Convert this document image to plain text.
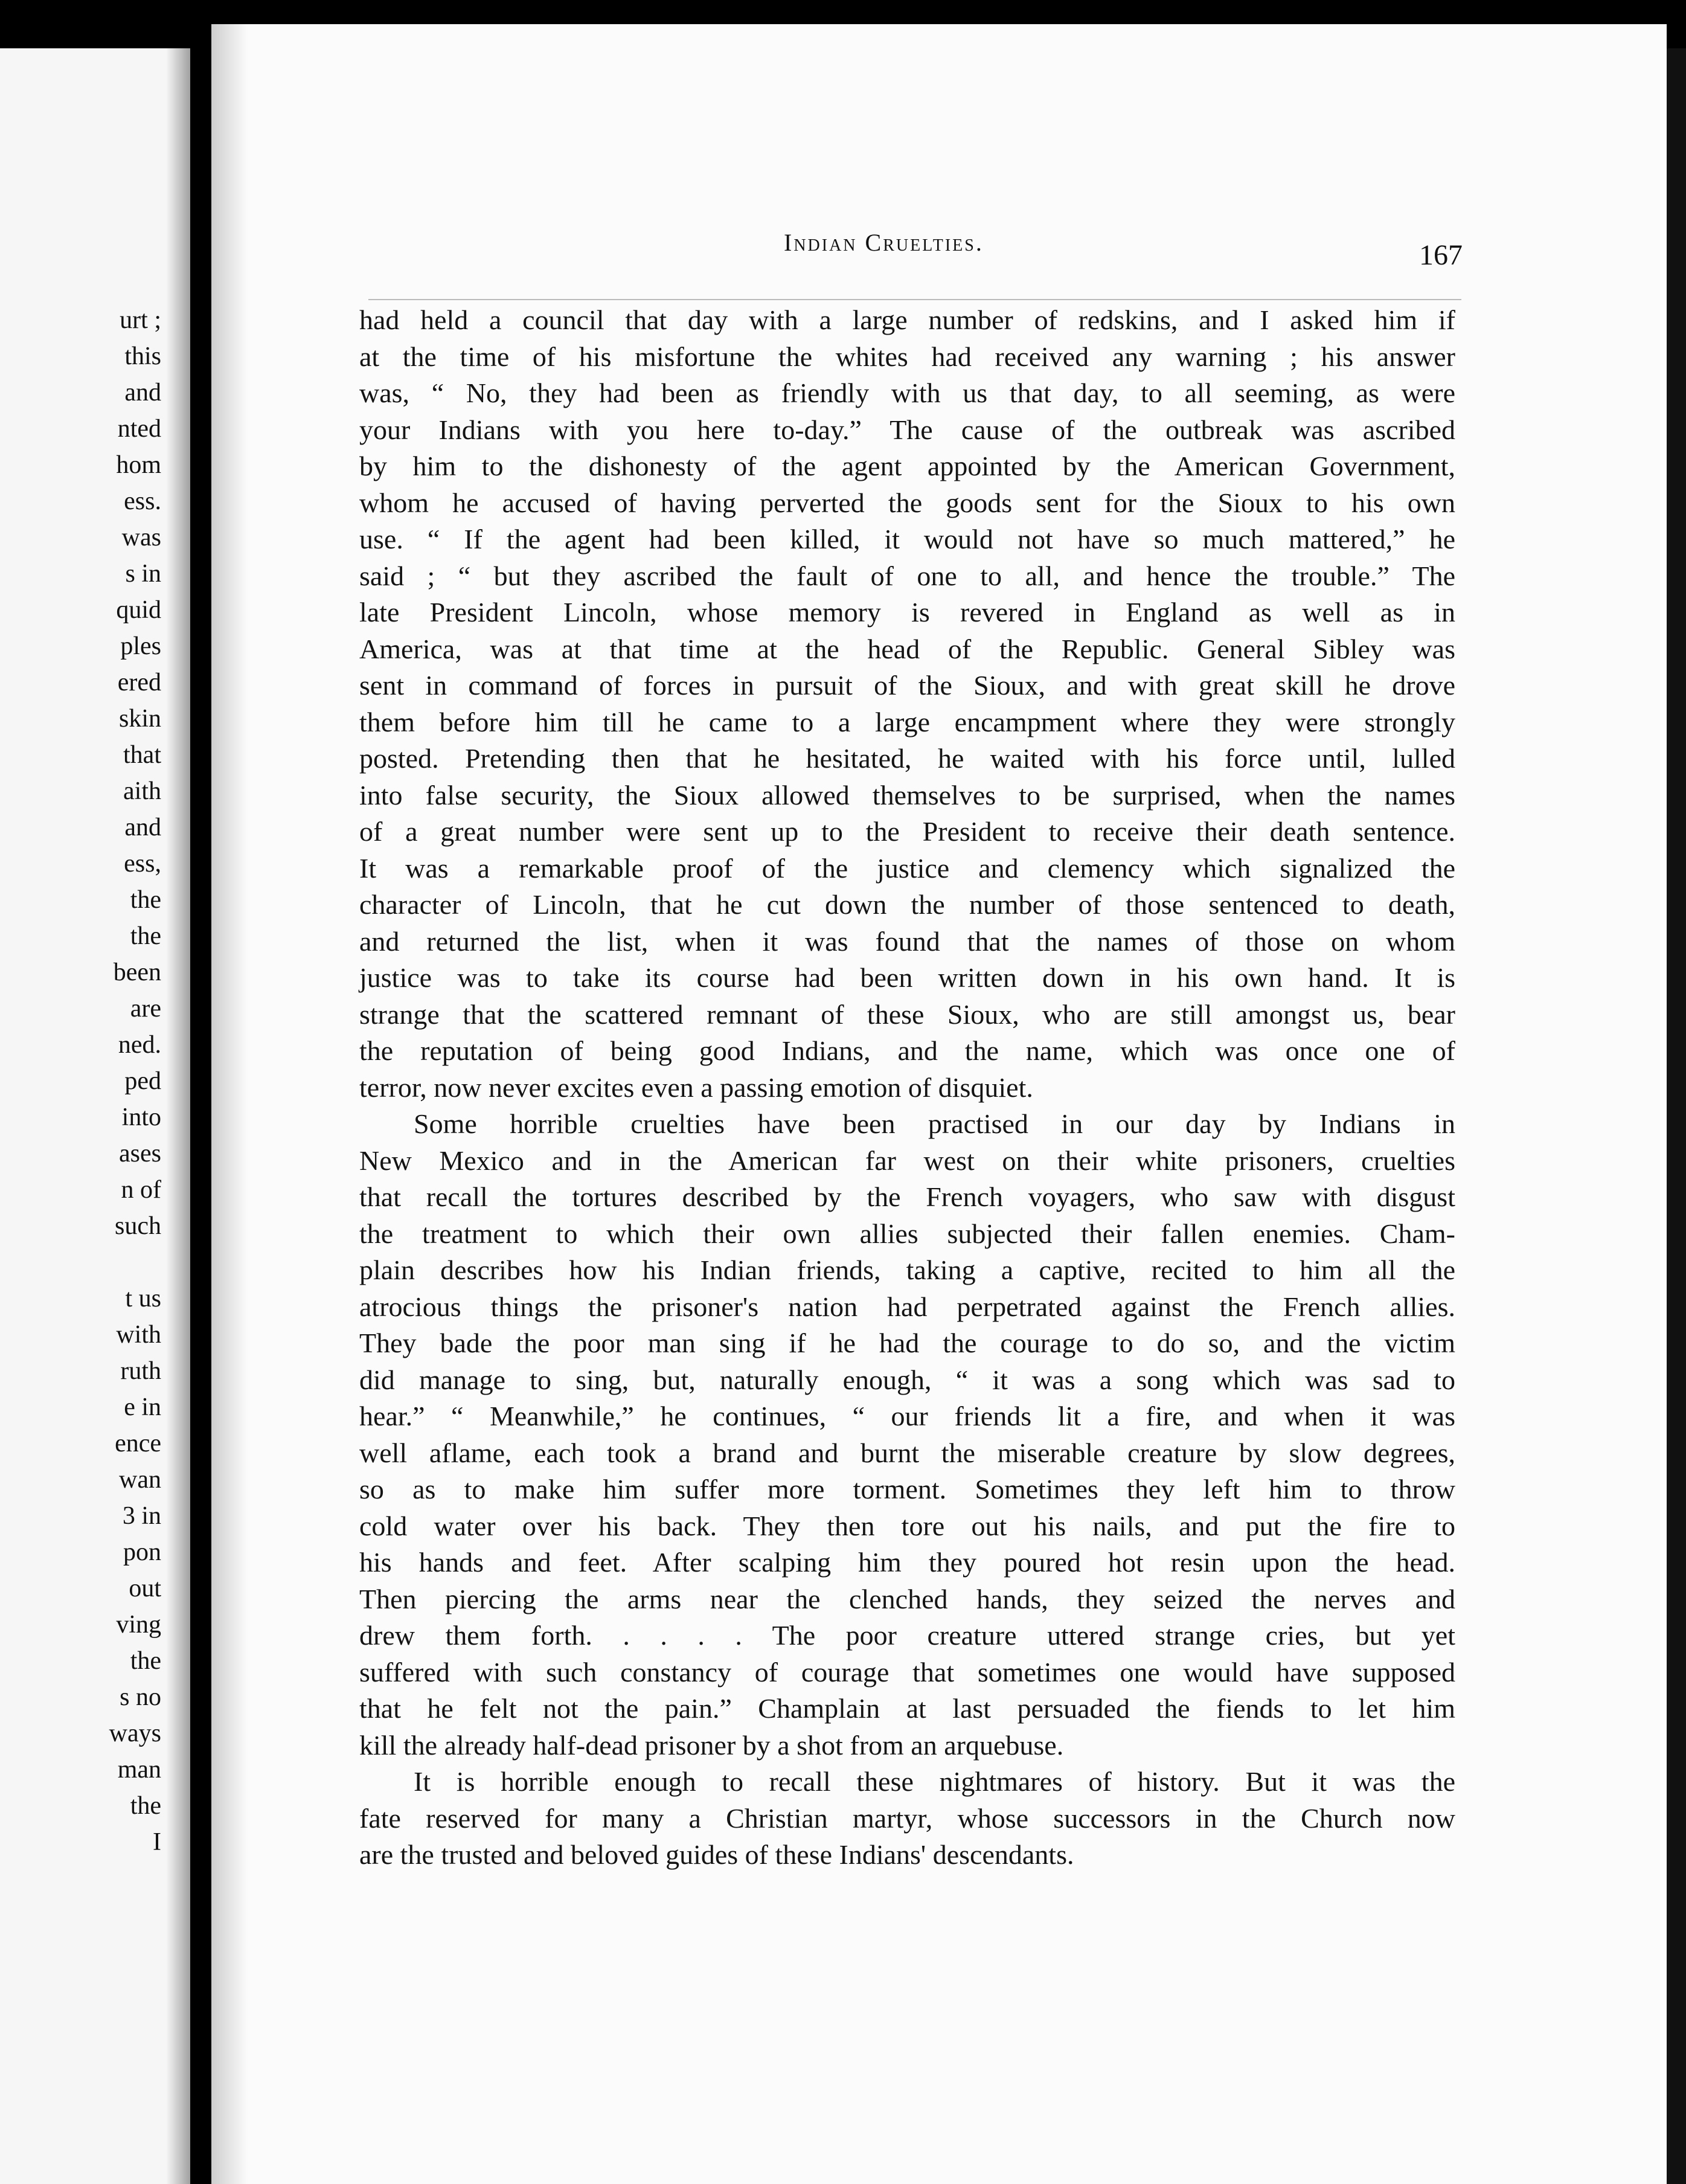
urt ;
this
and
nted
hom
ess.
was
s in
quid
ples
ered
skin
that
aith
and
ess,
the
the
been
are
ned.
ped
into
ases
n of
such
t us
with
ruth
e in
ence
wan
3 in
pon
out
ving
the
s no
ways
man
the
I
Indian Cruelties.	167
had held a council that day with a large number of redskins, and I asked him if
at the time of his misfortune the whites had received any warning ; his answer
was, “ No, they had been as friendly with us that day, to all seeming, as were
your Indians with you here to-day.” The cause of the outbreak was ascribed
by him to the dishonesty of the agent appointed by the American Government,
whom he accused of having perverted the goods sent for the Sioux to his own
use. “ If the agent had been killed, it would not have so much mattered,” he
said ; “ but they ascribed the fault of one to all, and hence the trouble.” The
late President Lincoln, whose memory is revered in England as well as in
America, was at that time at the head of the Republic. General Sibley was
sent in command of forces in pursuit of the Sioux, and with great skill he drove
them before him till he came to a large encampment where they were strongly
posted. Pretending then that he hesitated, he waited with his force until, lulled
into false security, the Sioux allowed themselves to be surprised, when the names
of a great number were sent up to the President to receive their death sentence.
It was a remarkable proof of the justice and clemency which signalized the
character of Lincoln, that he cut down the number of those sentenced to death,
and returned the list, when it was found that the names of those on whom
justice was to take its course had been written down in his own hand. It is
strange that the scattered remnant of these Sioux, who are still amongst us, bear
the reputation of being good Indians, and the name, which was once one of
terror, now never excites even a passing emotion of disquiet.
Some horrible cruelties have been practised in our day by Indians in
New Mexico and in the American far west on their white prisoners, cruelties
that recall the tortures described by the French voyagers, who saw with disgust
the treatment to which their own allies subjected their fallen enemies. Cham-
plain describes how his Indian friends, taking a captive, recited to him all the
atrocious things the prisoner's nation had perpetrated against the French allies.
They bade the poor man sing if he had the courage to do so, and the victim
did manage to sing, but, naturally enough, “ it was a song which was sad to
hear.” “ Meanwhile,” he continues, “ our friends lit a fire, and when it was
well aflame, each took a brand and burnt the miserable creature by slow degrees,
so as to make him suffer more torment. Sometimes they left him to throw
cold water over his back. They then tore out his nails, and put the fire to
his hands and feet. After scalping him they poured hot resin upon the head.
Then piercing the arms near the clenched hands, they seized the nerves and
drew them forth. . . . . The poor creature uttered strange cries, but yet
suffered with such constancy of courage that sometimes one would have supposed
that he felt not the pain.” Champlain at last persuaded the fiends to let him
kill the already half-dead prisoner by a shot from an arquebuse.
It is horrible enough to recall these nightmares of history. But it was the
fate reserved for many a Christian martyr, whose successors in the Church now
are the trusted and beloved guides of these Indians' descendants.
